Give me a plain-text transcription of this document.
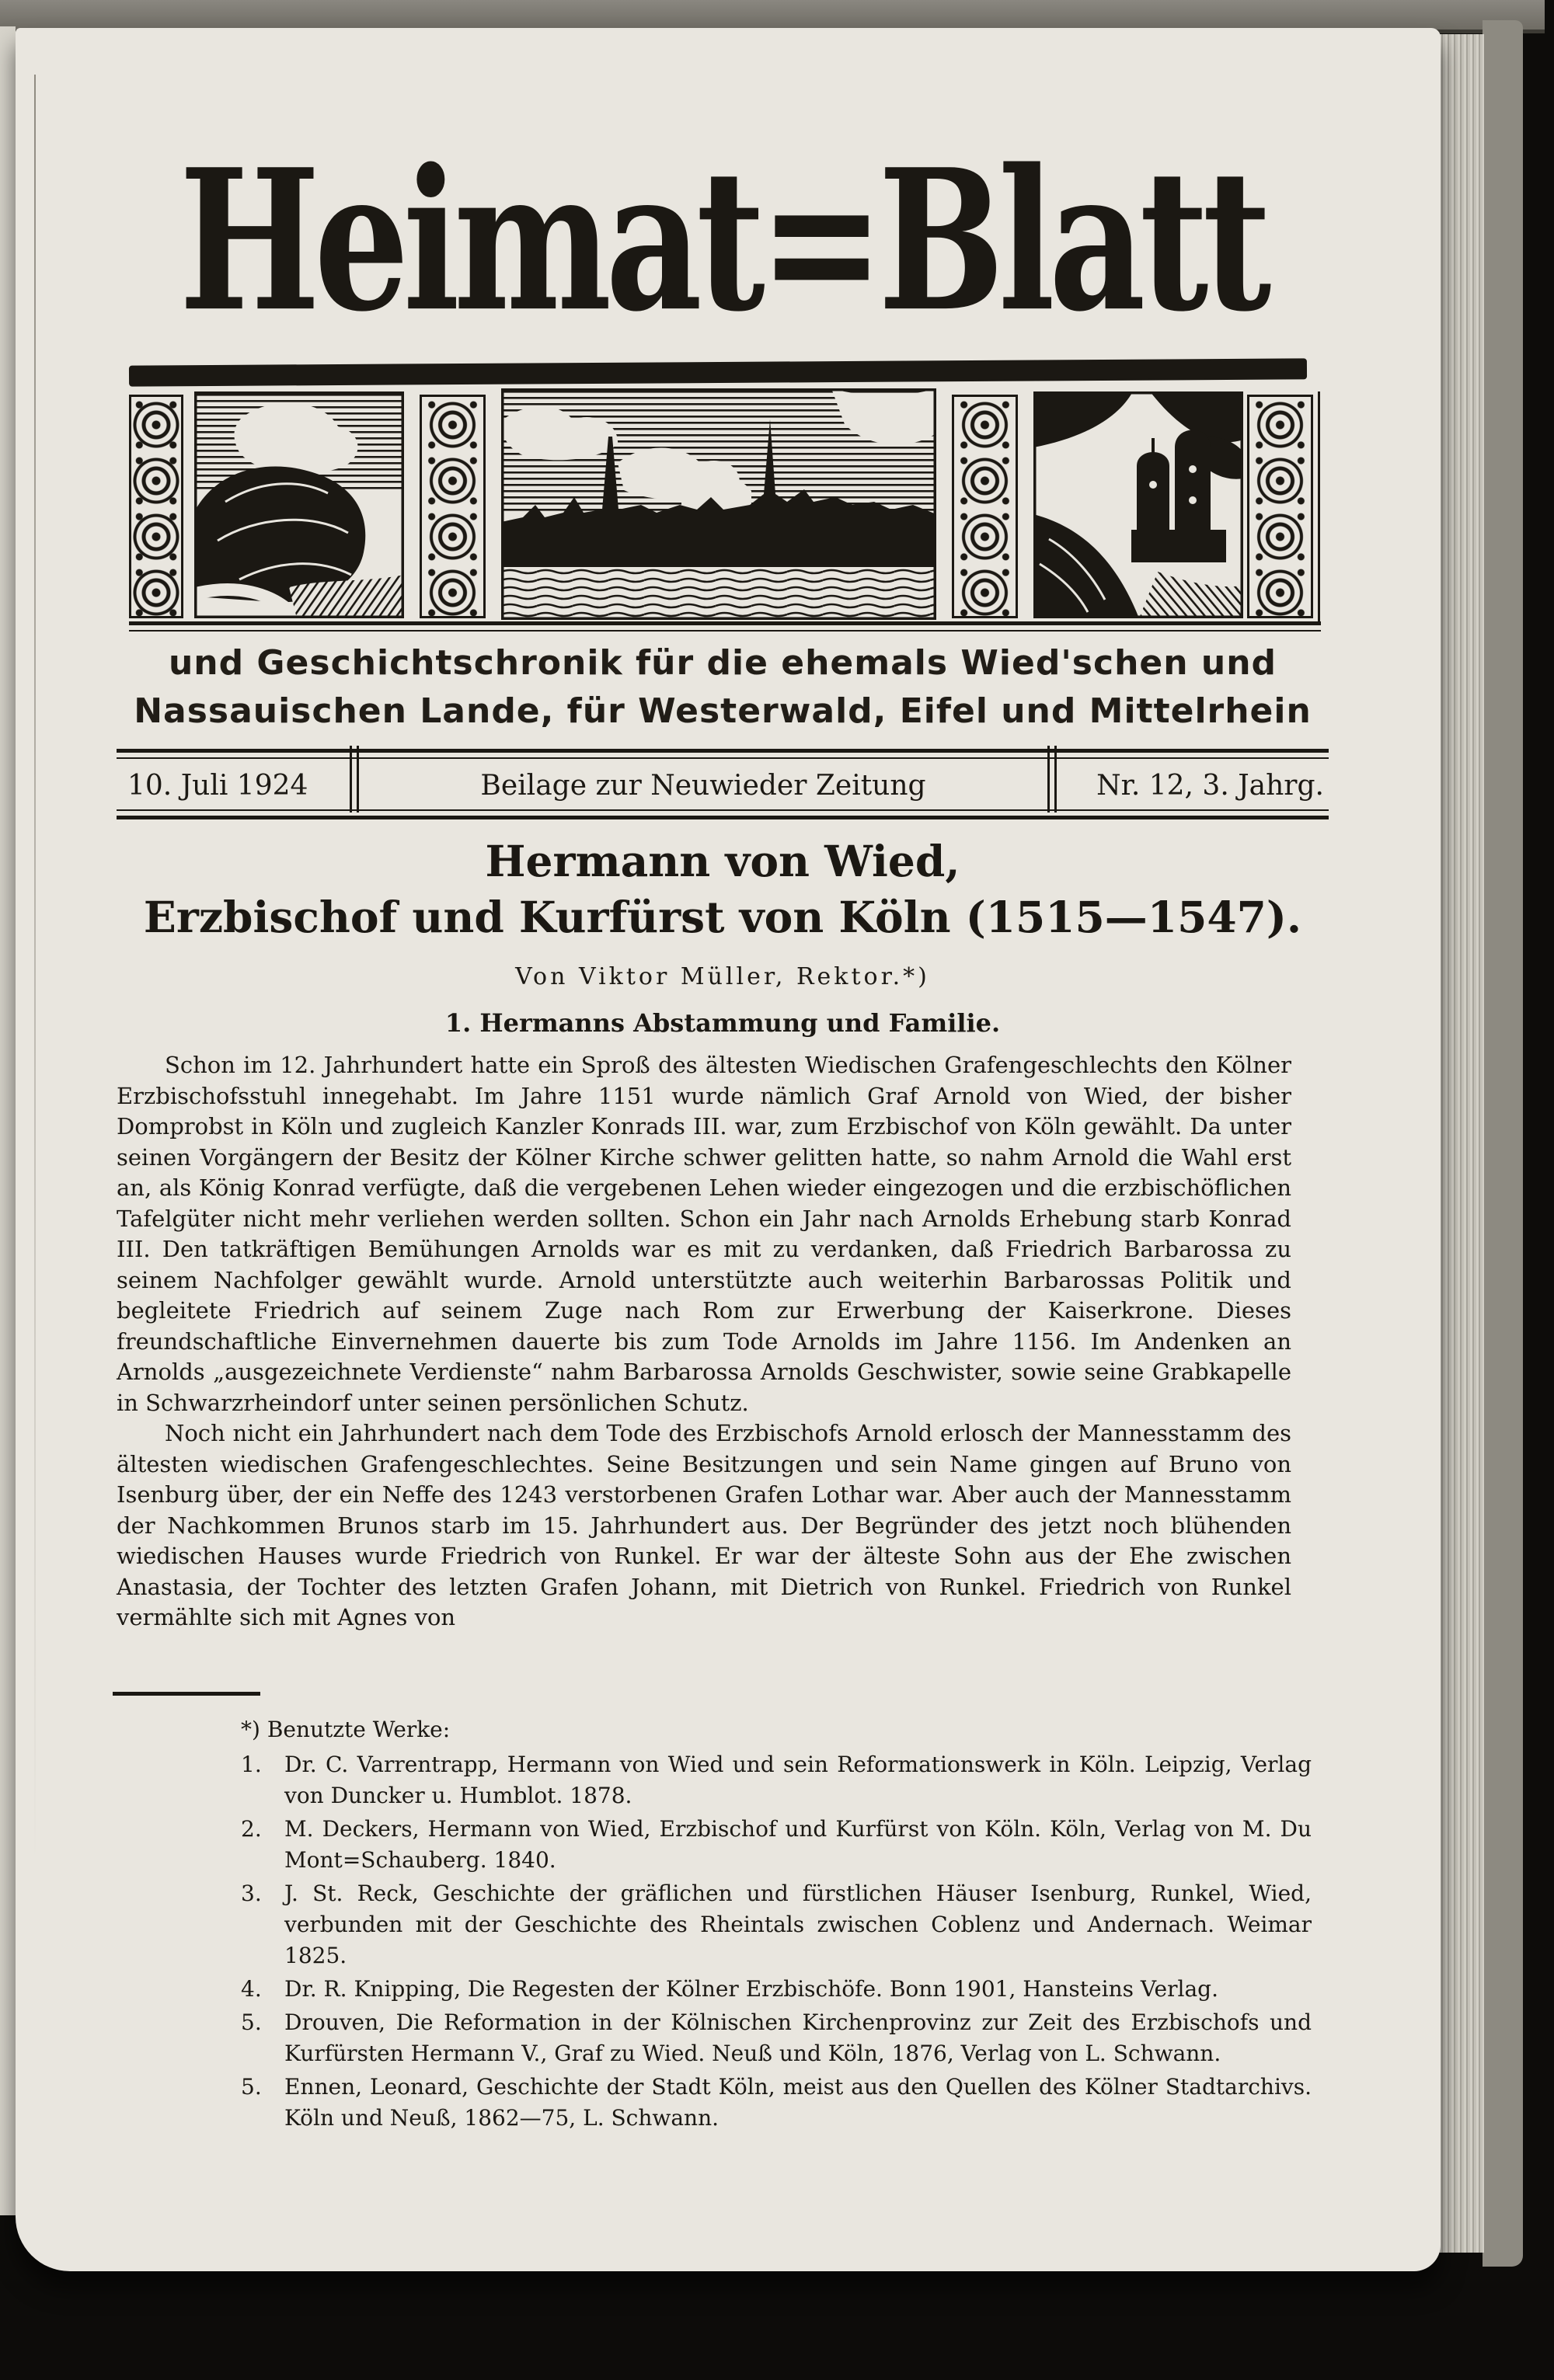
Heimat=Blatt
und Geschichtschronik für die ehemals Wied'schen und
Nassauischen Lande, für Westerwald, Eifel und Mittelrhein
10. Juli 1924	Beilage zur Neuwieder Zeitung	Nr. 12, 3. Jahrg.
Hermann von Wied,
Erzbischof und Kurfürst von Köln (1515—1547).
Von Viktor Müller, Rektor.*)
1. Hermanns Abstammung und Familie.

Schon im 12. Jahrhundert hatte ein Sproß des ältesten Wiedischen Grafengeschlechts den Kölner Erzbischofsstuhl innegehabt. Im Jahre 1151 wurde nämlich Graf Arnold von Wied, der bisher Domprobst in Köln und zugleich Kanzler Konrads III. war, zum Erzbischof von Köln gewählt. Da unter seinen Vorgängern der Besitz der Kölner Kirche schwer gelitten hatte, so nahm Arnold die Wahl erst an, als König Konrad verfügte, daß die vergebenen Lehen wieder eingezogen und die erzbischöflichen Tafelgüter nicht mehr verliehen werden sollten. Schon ein Jahr nach Arnolds Erhebung starb Konrad III. Den tatkräftigen Bemühungen Arnolds war es mit zu verdanken, daß Friedrich Barbarossa zu seinem Nachfolger gewählt wurde. Arnold unterstützte auch weiterhin Barbarossas Politik und begleitete Friedrich auf seinem Zuge nach Rom zur Erwerbung der Kaiserkrone. Dieses freundschaftliche Einvernehmen dauerte bis zum Tode Arnolds im Jahre 1156. Im Andenken an Arnolds „ausgezeichnete Verdienste“ nahm Barbarossa Arnolds Geschwister, sowie seine Grabkapelle in Schwarzrheindorf unter seinen persönlichen Schutz.

Noch nicht ein Jahrhundert nach dem Tode des Erzbischofs Arnold erlosch der Mannesstamm des ältesten wiedischen Grafengeschlechtes. Seine Besitzungen und sein Name gingen auf Bruno von Isenburg über, der ein Neffe des 1243 verstorbenen Grafen Lothar war. Aber auch der Mannesstamm der Nachkommen Brunos starb im 15. Jahrhundert aus. Der Begründer des jetzt noch blühenden wiedischen Hauses wurde Friedrich von Runkel. Er war der älteste Sohn aus der Ehe zwischen Anastasia, der Tochter des letzten Grafen Johann, mit Dietrich von Runkel. Friedrich von Runkel vermählte sich mit Agnes von

*) Benutzte Werke:
1.	Dr. C. Varrentrapp, Hermann von Wied und sein Reformationswerk in Köln. Leipzig, Verlag von Duncker u. Humblot. 1878.
2.	M. Deckers, Hermann von Wied, Erzbischof und Kurfürst von Köln. Köln, Verlag von M. Du Mont=Schauberg. 1840.
3.	J. St. Reck, Geschichte der gräflichen und fürstlichen Häuser Isenburg, Runkel, Wied, verbunden mit der Geschichte des Rheintals zwischen Coblenz und Andernach. Weimar 1825.
4.	Dr. R. Knipping, Die Regesten der Kölner Erzbischöfe. Bonn 1901, Hansteins Verlag.
5.	Drouven, Die Reformation in der Kölnischen Kirchenprovinz zur Zeit des Erzbischofs und Kurfürsten Hermann V., Graf zu Wied. Neuß und Köln, 1876, Verlag von L. Schwann.
5.	Ennen, Leonard, Geschichte der Stadt Köln, meist aus den Quellen des Kölner Stadtarchivs. Köln und Neuß, 1862—75, L. Schwann.
